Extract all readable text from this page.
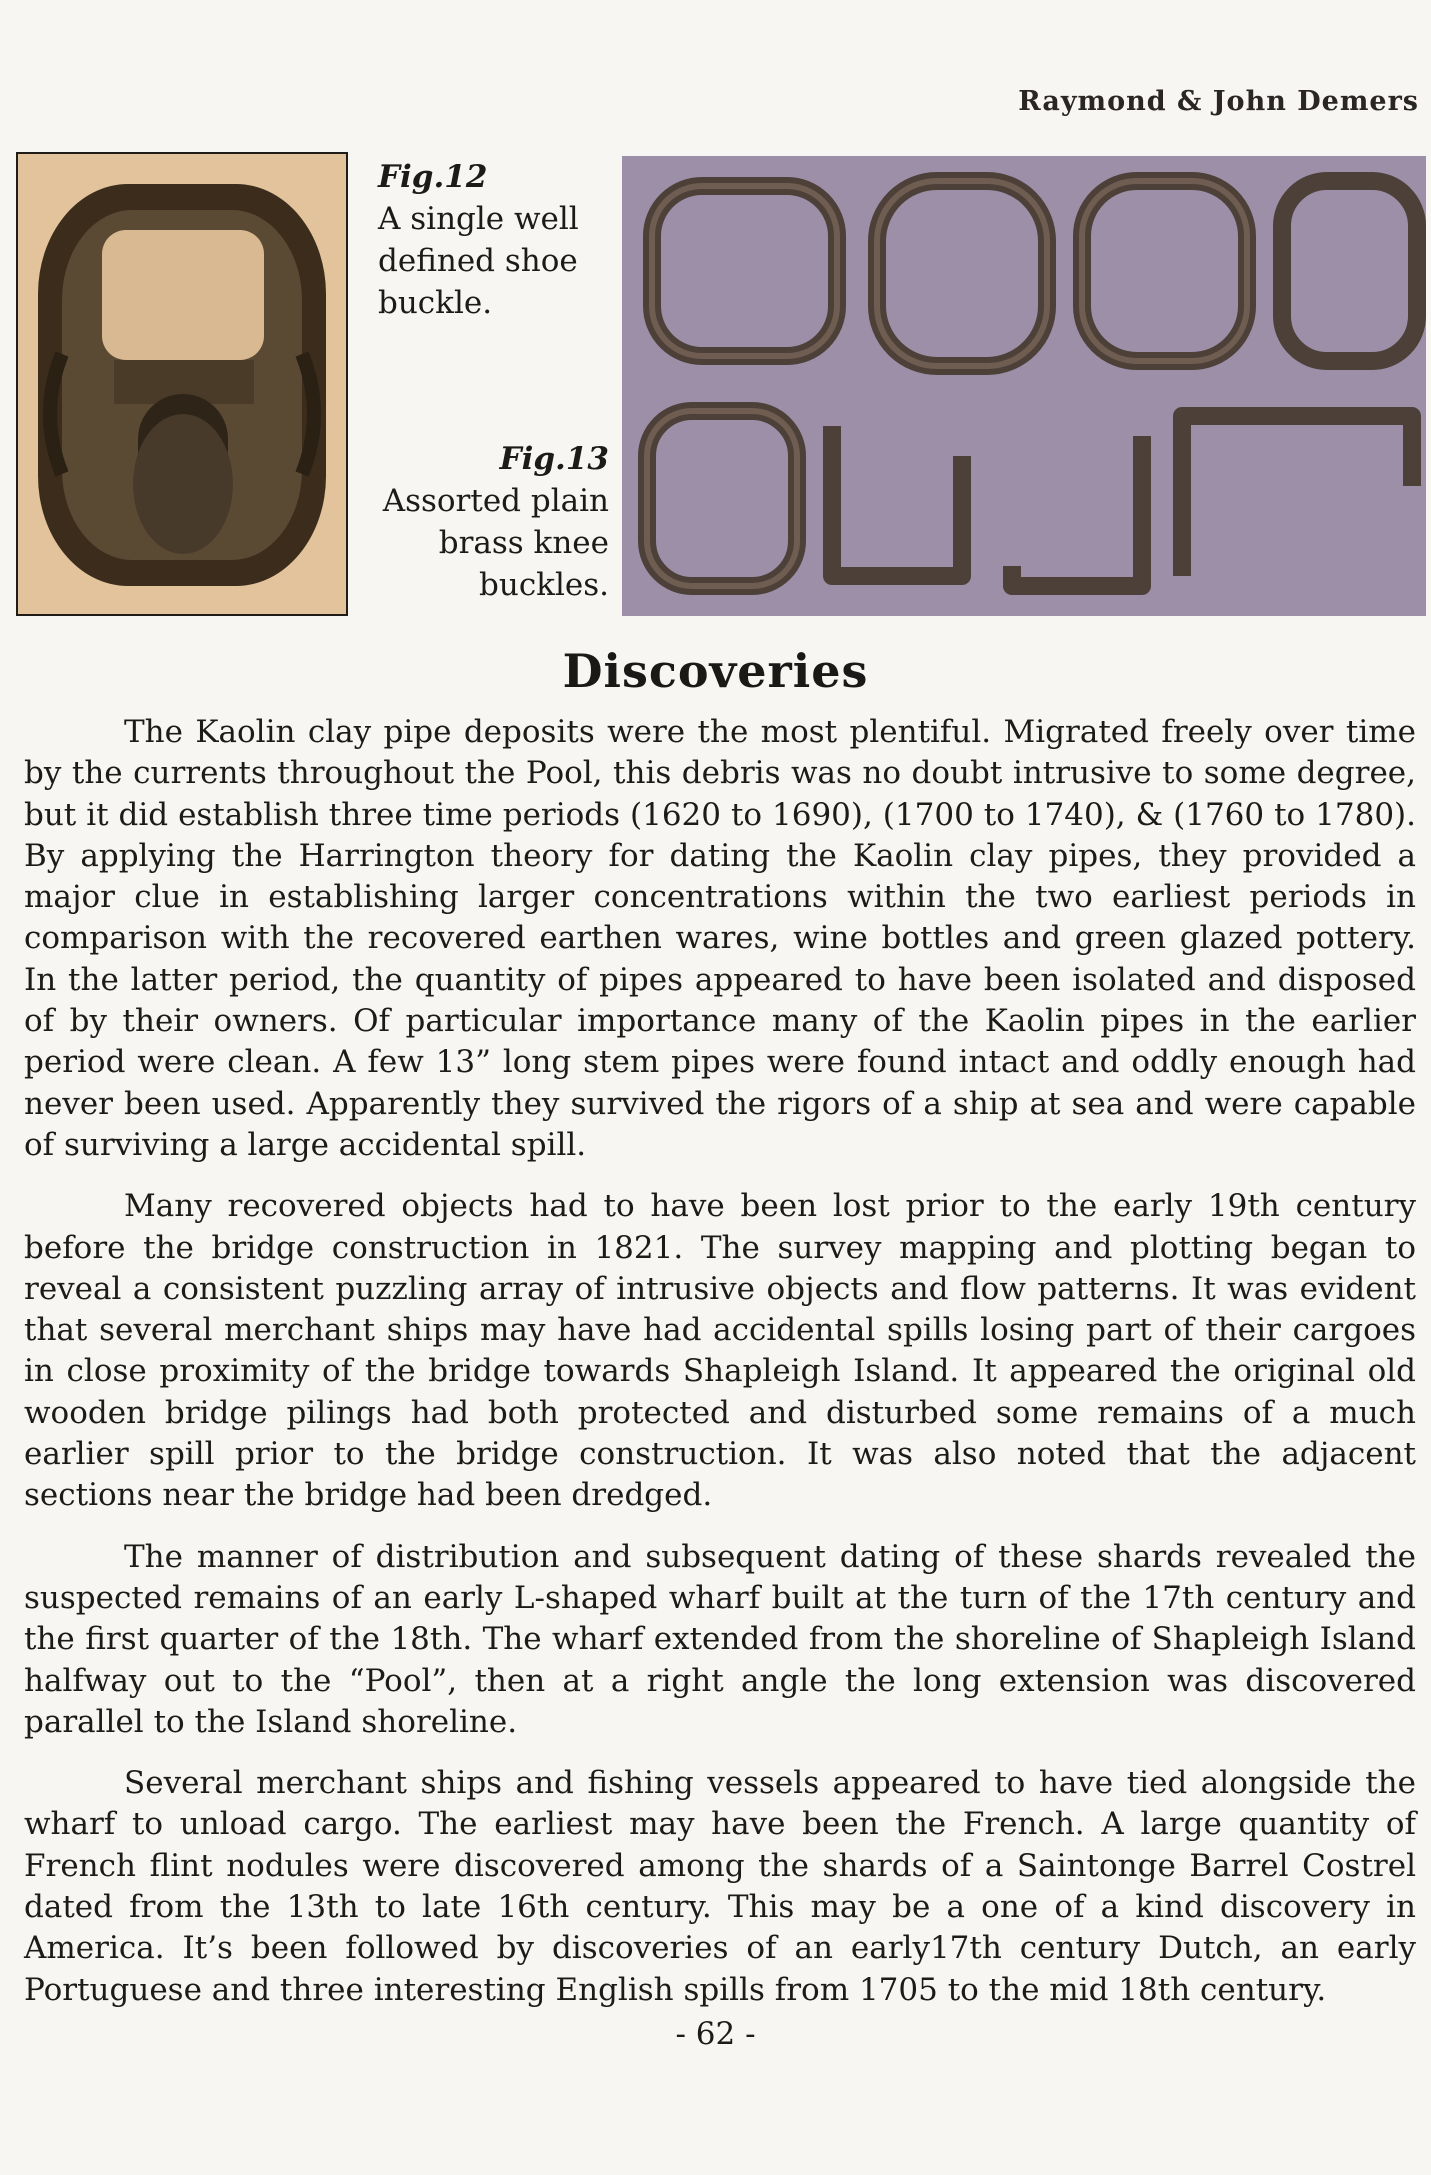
Raymond & John Demers
Fig.12
A single well
defined shoe
buckle.
Fig.13
Assorted plain
brass knee
buckles.
Discoveries

The Kaolin clay pipe deposits were the most plentiful. Migrated freely over time by the currents throughout the Pool, this debris was no doubt intrusive to some degree, but it did establish three time periods (1620 to 1690), (1700 to 1740), & (1760 to 1780). By applying the Harrington theory for dating the Kaolin clay pipes, they provided a major clue in establishing larger concentrations within the two earliest periods in comparison with the recovered earthen wares, wine bottles and green glazed pottery. In the latter period, the quantity of pipes appeared to have been isolated and disposed of by their owners. Of particular importance many of the Kaolin pipes in the earlier period were clean. A few 13” long stem pipes were found intact and oddly enough had never been used. Apparently they survived the rigors of a ship at sea and were capable of surviving a large accidental spill.

Many recovered objects had to have been lost prior to the early 19th century before the bridge construction in 1821. The survey mapping and plotting began to reveal a consistent puzzling array of intrusive objects and flow patterns. It was evident that several merchant ships may have had accidental spills losing part of their cargoes in close proximity of the bridge towards Shapleigh Island. It appeared the original old wooden bridge pilings had both protected and disturbed some remains of a much earlier spill prior to the bridge construction. It was also noted that the adjacent sections near the bridge had been dredged.

The manner of distribution and subsequent dating of these shards revealed the suspected remains of an early L-shaped wharf built at the turn of the 17th century and the first quarter of the 18th. The wharf extended from the shoreline of Shapleigh Island halfway out to the “Pool”, then at a right angle the long extension was discovered parallel to the Island shoreline.

Several merchant ships and fishing vessels appeared to have tied alongside the wharf to unload cargo. The earliest may have been the French. A large quantity of French flint nodules were discovered among the shards of a Saintonge Barrel Costrel dated from the 13th to late 16th century. This may be a one of a kind discovery in America. It’s been followed by discoveries of an early17th century Dutch, an early Portuguese and three interesting English spills from 1705 to the mid 18th century.

- 62 -
